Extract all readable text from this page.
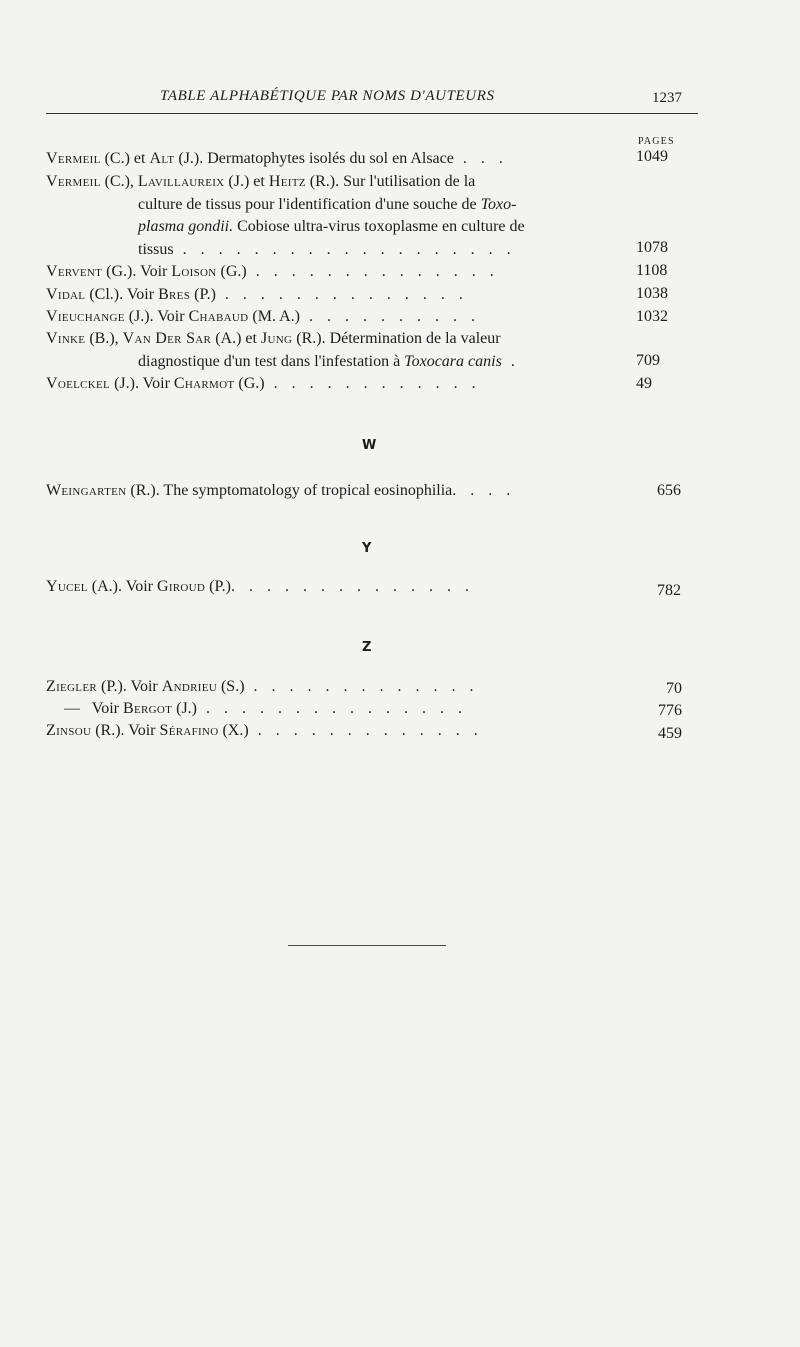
TABLE ALPHABÉTIQUE PAR NOMS D'AUTEURS	1237
PAGES
Vermeil (C.) et Alt (J.). Dermatophytes isolés du sol en Alsace . . .	1049
Vermeil (C.), Lavillaureix (J.) et Heitz (R.). Sur l'utilisation de la
culture de tissus pour l'identification d'une souche de Toxo-
plasma gondii. Cobiose ultra-virus toxoplasme en culture de
tissus . . . . . . . . . . . . . . . . . . .	1078
Vervent (G.). Voir Loison (G.) . . . . . . . . . . . . . .	1108
Vidal (Cl.). Voir Bres (P.) . . . . . . . . . . . . . .	1038
Vieuchange (J.). Voir Chabaud (M. A.) . . . . . . . . . .	1032
Vinke (B.), Van Der Sar (A.) et Jung (R.). Détermination de la valeur
diagnostique d'un test dans l'infestation à Toxocara canis .	709
Voelckel (J.). Voir Charmot (G.) . . . . . . . . . . . .	49
W
Weingarten (R.). The symptomatology of tropical eosinophilia. . . .	656
Y
Yucel (A.). Voir Giroud (P.). . . . . . . . . . . . . .	782
Z
Ziegler (P.). Voir Andrieu (S.) . . . . . . . . . . . . .	70
—   Voir Bergot (J.) . . . . . . . . . . . . . . .	776
Zinsou (R.). Voir Sérafino (X.) . . . . . . . . . . . . .	459
